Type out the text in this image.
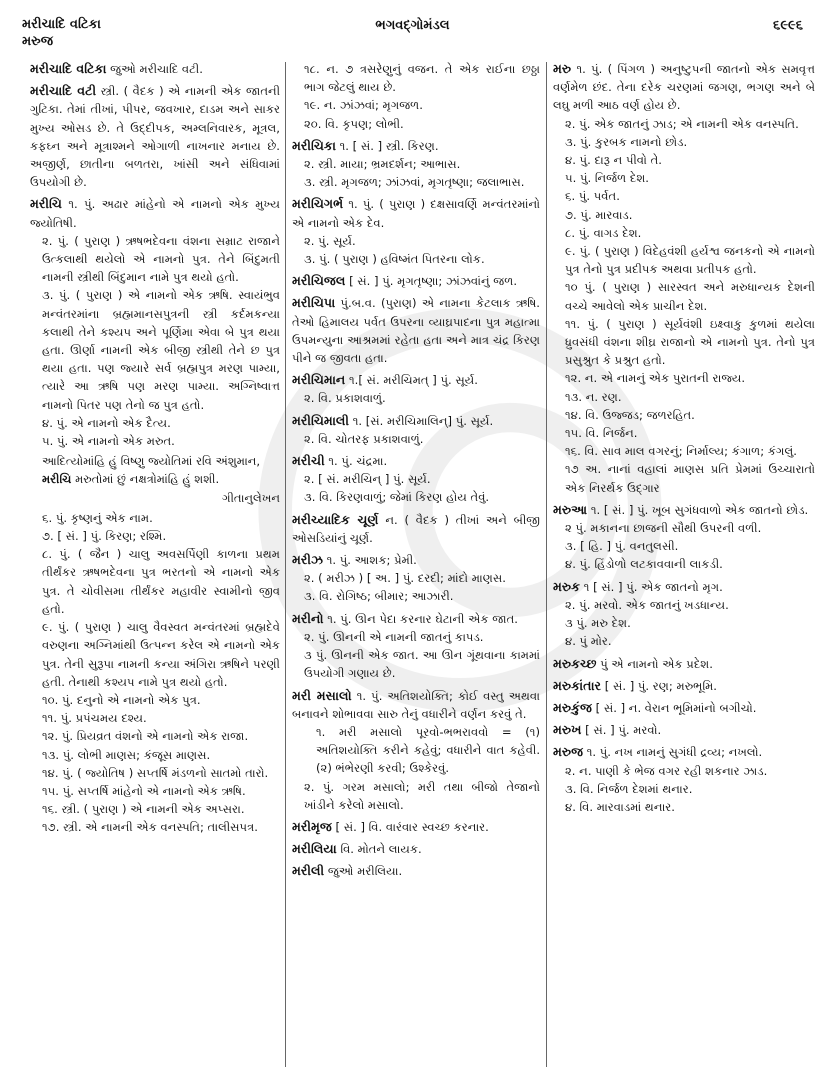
મરીચાદિ વટિકા
મરુજ
ભગવદ્ગોમંડલ	૬૯૯૬

મરીચાદિ વટિકા જુઓ મરીચાદિ વટી.

મરીચાદિ વટી સ્ત્રી. ( વૈદક ) એ નામની એક જાતની ગુટિકા. તેમાં તીખાં, પીપર, જવખાર, દાડમ અને સાકર મુખ્ય ઓસડ છે. તે ઉદ્દીપક, અમ્લનિવારક, મૂત્રલ, કફઘ્ન અને મૂત્રાશ્મને ઓગાળી નાખનાર મનાય છે. અજીર્ણ, છાતીના બળતરા, ખાંસી અને સંધિવામાં ઉપયોગી છે.

મરીચિ ૧. પું. અઢાર માંહેનો એ નામનો એક મુખ્ય જ્યોતિષી.

૨. પું. ( પુરાણ ) ઋષભદેવના વંશના સમ્રાટ રાજાને ઉત્કલાથી થયેલો એ નામનો પુત્ર. તેને બિંદુમતી નામની સ્ત્રીથી બિંદુમાન નામે પુત્ર થયો હતો.

૩. પું. ( પુરાણ ) એ નામનો એક ઋષિ. સ્વાયંભુવ મન્વંતરમાંના બ્રહ્મમાનસપુત્રની સ્ત્રી કર્દમકન્યા કલાથી તેને કશ્યપ અને પૂર્ણિમા એવા બે પુત્ર થયા હતા. ઊર્ણા નામની એક બીજી સ્ત્રીથી તેને છ પુત્ર થયા હતા. પણ જ્યારે સર્વ બ્રહ્મપુત્ર મરણ પામ્યા, ત્યારે આ ઋષિ પણ મરણ પામ્યા. અગ્નિષ્વાત્ત નામનો પિતર પણ તેનો જ પુત્ર હતો.

૪. પું. એ નામનો એક દૈત્ય.

૫. પું. એ નામનો એક મરુત.

આદિત્યોમાંહિ હું વિષ્ણુ જ્યોતિમાં રવિ અંશુમાન,

મરીચિ મરુતોમાં છું નક્ષત્રોમાંહિ હું શશી.

ગીતાનુલેખન

૬. પું. કૃષ્ણનું એક નામ.

૭. [ સં. ] પું. કિરણ; રશ્મિ.

૮. પું. ( જૈન ) ચાલુ અવસર્પિણી કાળના પ્રથમ તીર્થંકર ઋષભદેવના પુત્ર ભરતનો એ નામનો એક પુત્ર. તે ચોવીસમા તીર્થંકર મહાવીર સ્વામીનો જીવ હતો.

૯. પું. ( પુરાણ ) ચાલુ વૈવસ્વત મન્વંતરમાં બ્રહ્મદેવે વરુણના અગ્નિમાંથી ઉત્પન્ન કરેલ એ નામનો એક પુત્ર. તેની સુરૂપા નામની કન્યા અંગિરા ઋષિને પરણી હતી. તેનાથી કશ્યપ નામે પુત્ર થયો હતો.

૧૦. પું. દનુનો એ નામનો એક પુત્ર.

૧૧. પું. પ્રપંચમય દશ્ય.

૧૨. પું. પ્રિયવ્રત વંશનો એ નામનો એક રાજા.

૧૩. પું. લોભી માણસ; કંજૂસ માણસ.

૧૪. પું. ( જ્યોતિષ ) સપ્તર્ષિ મંડળનો સાતમો તારો.

૧૫. પું. સપ્તર્ષિ માંહેનો એ નામનો એક ઋષિ.

૧૬. સ્ત્રી. ( પુરાણ ) એ નામની એક અપ્સરા.

૧૭. સ્ત્રી. એ નામની એક વનસ્પતિ; તાલીસપત્ર.

૧૮. ન. ૭ ત્રસરેણુનું વજન. તે એક રાઈના છઠ્ઠા ભાગ જેટલું થાય છે.

૧૯. ન. ઝાંઝવાં; મૃગજળ.

૨૦. વિ. કૃપણ; લોભી.

મરીચિકા ૧. [ સં. ] સ્ત્રી. કિરણ.

૨. સ્ત્રી. માયા; ભ્રમદર્શન; આભાસ.

૩. સ્ત્રી. મૃગજળ; ઝાંઝવાં, મૃગતૃષ્ણા; જલાભાસ.

મરીચિગર્ભ ૧. પું. ( પુરાણ ) દક્ષસાવર્ણિ મન્વંતરમાંનો એ નામનો એક દેવ.

૨. પું. સૂર્ય.

૩. પું. ( પુરાણ ) હવિષ્મંત પિતરના લોક.

મરીચિજલ [ સં. ] પું. મૃગતૃષ્ણા; ઝાંઝવાંનું જળ.

મરીચિપા પું.બ.વ. (પુરાણ) એ નામના કેટલાક ઋષિ. તેઓ હિમાલય પર્વત ઉપરના વ્યાઘ્રપાદના પુત્ર મહાત્મા ઉપમન્યુના આશ્રમમાં રહેતા હતા અને માત્ર ચંદ્ર કિરણ પીને જ જીવતા હતા.

મરીચિમાન ૧.[ સં. મરીચિમત્ ] પું. સૂર્ય.

૨. વિ. પ્રકાશવાળું.

મરીચિમાલી ૧. [સં. મરીચિમાલિન્] પું. સૂર્ય.

૨. વિ. ચોતરફ પ્રકાશવાળું.

મરીચી ૧. પું. ચંદ્રમા.

૨. [ સં. મરીચિન્ ] પું. સૂર્ય.

૩. વિ. કિરણવાળું; જેમાં કિરણ હોય તેવું.

મરીચ્યાદિક ચૂર્ણ ન. ( વૈદક ) તીખાં અને બીજી ઓસડિયાંનું ચૂર્ણ.

મરીઝ ૧. પું. આશક; પ્રેમી.

૨. ( મરીઝ ) [ અ. ] પું. દરદી; માંદો માણસ.

૩. વિ. રોગિષ્ઠ; બીમાર; આઝારી.

મરીનો ૧. પું. ઊન પેદા કરનાર ઘેટાની એક જાત.

૨. પું. ઊનની એ નામની જાતનું કાપડ.

૩ પું. ઊનની એક જાત. આ ઊન ગૂંથવાના કામમાં ઉપયોગી ગણાય છે.

મરી મસાલો ૧. પું. અતિશયોક્તિ; કોઈ વસ્તુ અથવા બનાવને શોભાવવા સારુ તેનું વધારીને વર્ણન કરવું તે.

૧. મરી મસાલો પૂરવો-ભભરાવવો = (૧) અતિશયોક્તિ કરીને કહેવું; વધારીને વાત કહેવી. (૨) ભંભેરણી કરવી; ઉશ્કેરવું.

૨. પું. ગરમ મસાલો; મરી તથા બીજો તેજાનો ખાંડીને કરેલો મસાલો.

મરીમૃજ [ સં. ] વિ. વારંવાર સ્વચ્છ કરનાર.

મરીલિયા વિ. મોતને લાયક.

મરીલી જુઓ મરીલિયા.

મરુ ૧. પું. ( પિંગળ ) અનુષ્ટુપની જાતનો એક સમવૃત્ત વર્ણમેળ છંદ. તેના દરેક ચરણમાં જગણ, ભગણ અને બે લઘુ મળી આઠ વર્ણ હોય છે.

૨. પું. એક જાતનું ઝાડ; એ નામની એક વનસ્પતિ.

૩. પું. કુરબક નામનો છોડ.

૪. પું. દારૂ ન પીવો તે.

૫. પું. નિર્જળ દેશ.

૬. પું. પર્વત.

૭. પું. મારવાડ.

૮. પું. વાગડ દેશ.

૯. પું. ( પુરાણ ) વિદેહવંશી હર્યશ્વ જનકનો એ નામનો પુત્ર તેનો પુત્ર પ્રદીપક અથવા પ્રતીપક હતો.

૧૦ પું. ( પુરાણ ) સારસ્વત અને મરુધાન્યક દેશની વચ્ચે આવેલો એક પ્રાચીન દેશ.

૧૧. પું. ( પુરાણ ) સૂર્યવંશી ઇક્ષ્વાકુ કુળમાં થયેલા ધ્રુવસંધી વંશના શીઘ્ર રાજાનો એ નામનો પુત્ર. તેનો પુત્ર પ્રસુશ્રુત કે પ્રશ્રુત હતો.

૧૨. ન. એ નામનું એક પુરાતની રાજ્ય.

૧૩. ન. રણ.

૧૪. વિ. ઉજ્જડ; જળરહિત.

૧૫. વિ. નિર્જન.

૧૬. વિ. સાવ માલ વગરનું; નિર્માલ્ય; કંગાળ; કંગલું.

૧૭ અ. નાનાં વહાલાં માણસ પ્રતિ પ્રેમમાં ઉચ્ચારાતો એક નિરર્થક ઉદ્ગાર

મરુઆ ૧. [ સં. ] પું. ખૂબ સુગંધવાળો એક જાતનો છોડ.

૨ પું. મકાનના છાજની સૌથી ઉપરની વળી.

૩. [ હિ. ] પું. વનતુલસી.

૪. પું. હિંડોળો લટકાવવાની લાકડી.

મરુક ૧ [ સં. ] પું. એક જાતનો મૃગ.

૨. પું. મરવો. એક જાતનું ખડધાન્ય.

૩ પું. મરુ દેશ.

૪. પું મોર.

મરુકચ્છ પું એ નામનો એક પ્રદેશ.

મરુકાંતાર [ સં. ] પું. રણ; મરુભૂમિ.

મરુકુંજ [ સં. ] ન. વેરાન ભૂમિમાંનો બગીચો.

મરુખ [ સં. ] પું. મરવો.

મરુજ ૧. પું. નખ નામનું સુગંધી દ્રવ્ય; નખલો.

૨. ન. પાણી કે ભેજ વગર રહી શકનાર ઝાડ.

૩. વિ. નિર્જળ દેશમાં થનાર.

૪. વિ. મારવાડમાં થનાર.
